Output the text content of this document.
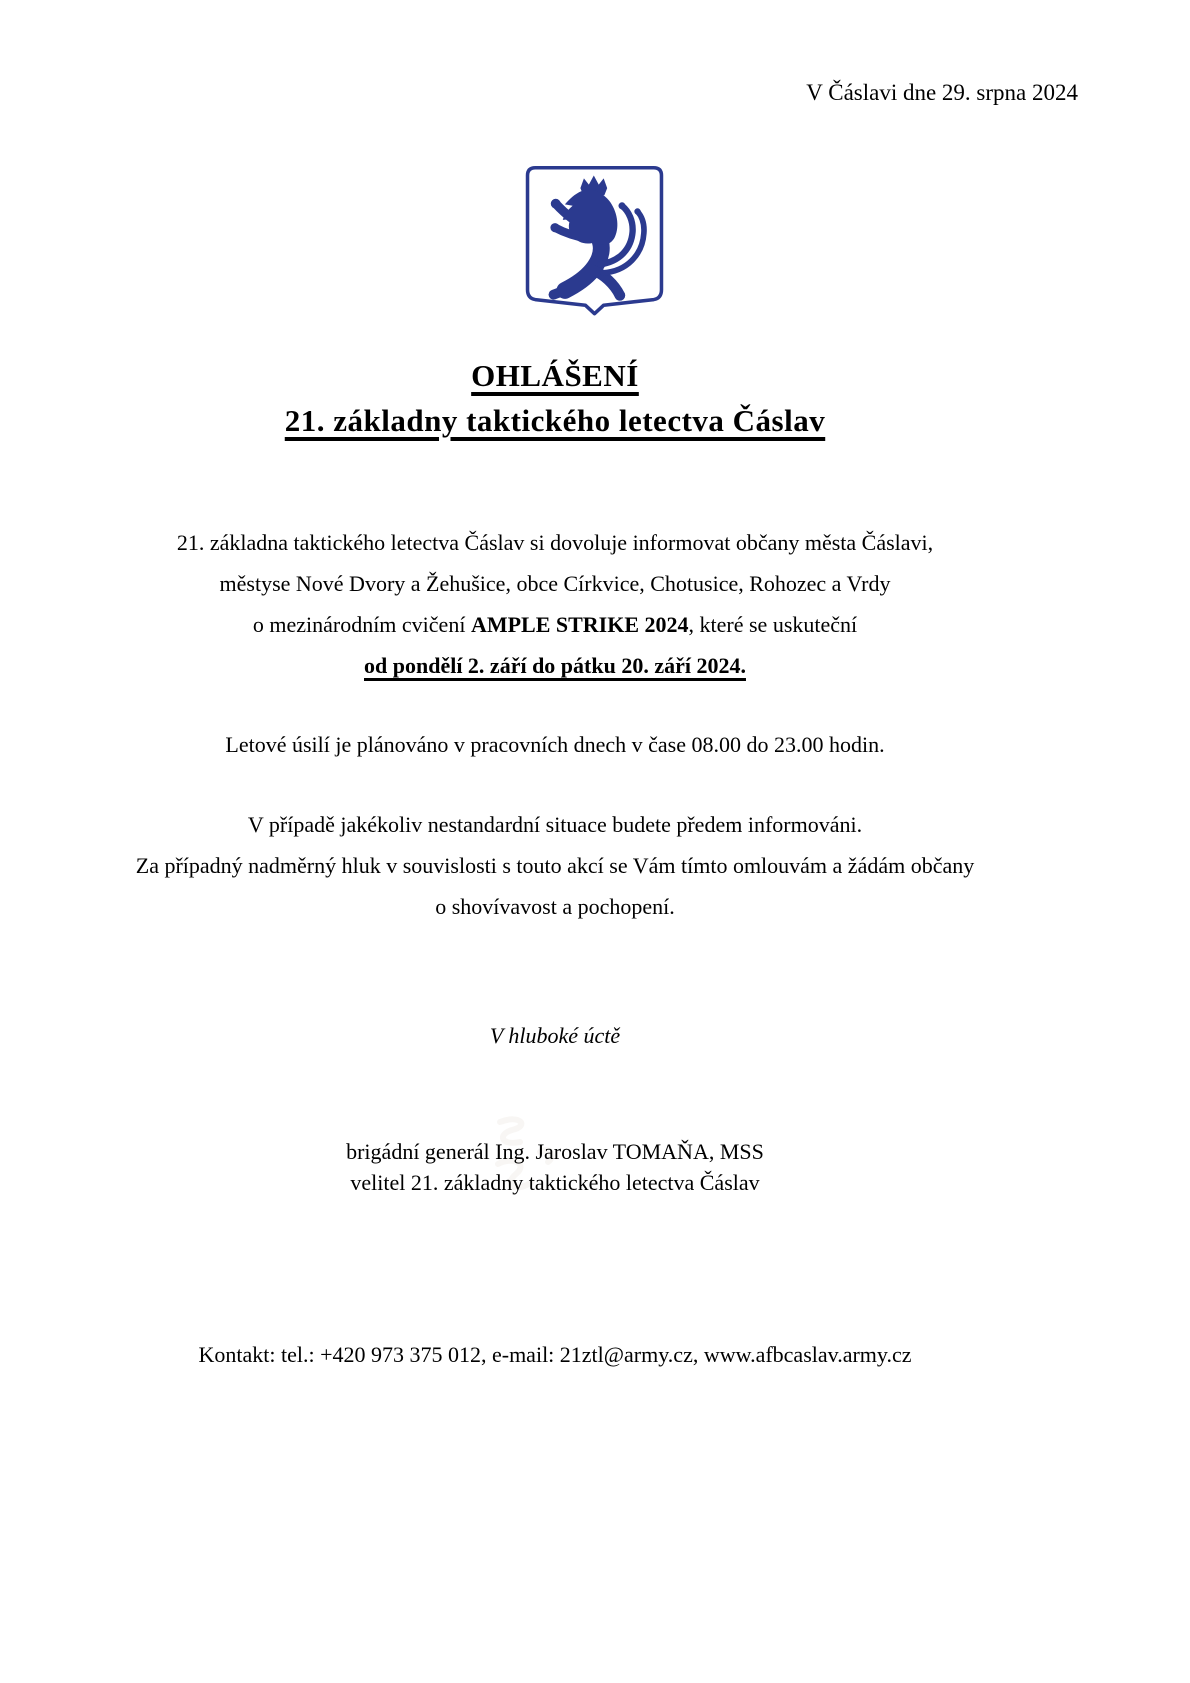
V Čáslavi dne 29. srpna 2024
OHLÁŠENÍ
21. základny taktického letectva Čáslav
21. základna taktického letectva Čáslav si dovoluje informovat občany města Čáslavi,
městyse Nové Dvory a Žehušice, obce Církvice, Chotusice, Rohozec a Vrdy
o mezinárodním cvičení AMPLE STRIKE 2024, které se uskuteční
od pondělí 2. září do pátku 20. září 2024.
Letové úsilí je plánováno v pracovních dnech v čase 08.00 do 23.00 hodin.
V případě jakékoliv nestandardní situace budete předem informováni.
Za případný nadměrný hluk v souvislosti s touto akcí se Vám tímto omlouvám a žádám občany
o shovívavost a pochopení.
V hluboké úctě
brigádní generál Ing. Jaroslav TOMAŇA, MSS
velitel 21. základny taktického letectva Čáslav
Kontakt: tel.: +420 973 375 012, e-mail: 21ztl@army.cz, www.afbcaslav.army.cz
